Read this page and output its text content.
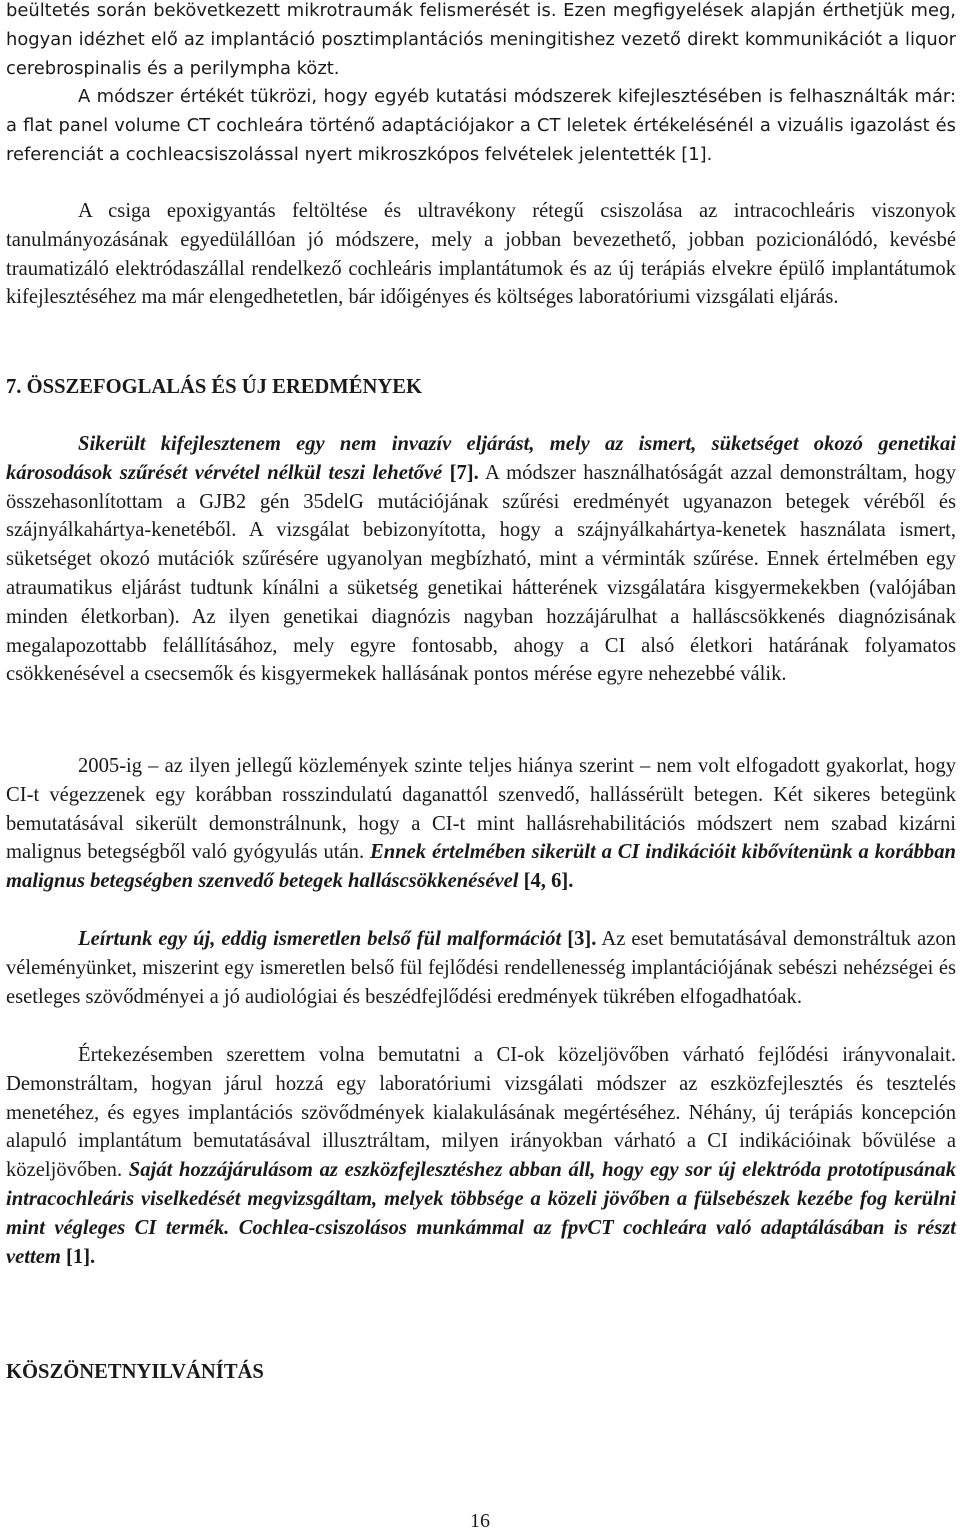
beültetés során bekövetkezett mikrotraumák felismerését is. Ezen megfigyelések alapján érthetjük meg, hogyan idézhet elő az implantáció posztimplantációs meningitishez vezető direkt kommunikációt a liquor cerebrospinalis és a perilympha közt.

A módszer értékét tükrözi, hogy egyéb kutatási módszerek kifejlesztésében is felhasználták már: a flat panel volume CT cochleára történő adaptációjakor a CT leletek értékelésénél a vizuális igazolást és referenciát a cochleacsiszolással nyert mikroszkópos felvételek jelentették [1].

A csiga epoxigyantás feltöltése és ultravékony rétegű csiszolása az intracochleáris viszonyok tanulmányozásának egyedülállóan jó módszere, mely a jobban bevezethető, jobban pozicionálódó, kevésbé traumatizáló elektródaszállal rendelkező cochleáris implantátumok és az új terápiás elvekre épülő implantátumok kifejlesztéséhez ma már elengedhetetlen, bár időigényes és költséges laboratóriumi vizsgálati eljárás.

7. ÖSSZEFOGLALÁS ÉS ÚJ EREDMÉNYEK

Sikerült kifejlesztenem egy nem invazív eljárást, mely az ismert, süketséget okozó genetikai károsodások szűrését vérvétel nélkül teszi lehetővé [7]. A módszer használhatóságát azzal demonstráltam, hogy összehasonlítottam a GJB2 gén 35delG mutációjának szűrési eredményét ugyanazon betegek véréből és szájnyálkahártya-kenetéből. A vizsgálat bebizonyította, hogy a szájnyálkahártya-kenetek használata ismert, süketséget okozó mutációk szűrésére ugyanolyan megbízható, mint a vérminták szűrése. Ennek értelmében egy atraumatikus eljárást tudtunk kínálni a süketség genetikai hátterének vizsgálatára kisgyermekekben (valójában minden életkorban). Az ilyen genetikai diagnózis nagyban hozzájárulhat a halláscsökkenés diagnózisának megalapozottabb felállításához, mely egyre fontosabb, ahogy a CI alsó életkori határának folyamatos csökkenésével a csecsemők és kisgyermekek hallásának pontos mérése egyre nehezebbé válik.

2005-ig – az ilyen jellegű közlemények szinte teljes hiánya szerint – nem volt elfogadott gyakorlat, hogy CI-t végezzenek egy korábban rosszindulatú daganattól szenvedő, hallássérült betegen. Két sikeres betegünk bemutatásával sikerült demonstrálnunk, hogy a CI-t mint hallásrehabilitációs módszert nem szabad kizárni malignus betegségből való gyógyulás után. Ennek értelmében sikerült a CI indikációit kibővítenünk a korábban malignus betegségben szenvedő betegek halláscsökkenésével [4, 6].

Leírtunk egy új, eddig ismeretlen belső fül malformációt [3]. Az eset bemutatásával demonstráltuk azon véleményünket, miszerint egy ismeretlen belső fül fejlődési rendellenesség implantációjának sebészi nehézségei és esetleges szövődményei a jó audiológiai és beszédfejlődési eredmények tükrében elfogadhatóak.

Értekezésemben szerettem volna bemutatni a CI-ok közeljövőben várható fejlődési irányvonalait. Demonstráltam, hogyan járul hozzá egy laboratóriumi vizsgálati módszer az eszközfejlesztés és tesztelés menetéhez, és egyes implantációs szövődmények kialakulásának megértéséhez. Néhány, új terápiás koncepción alapuló implantátum bemutatásával illusztráltam, milyen irányokban várható a CI indikációinak bővülése a közeljövőben. Saját hozzájárulásom az eszközfejlesztéshez abban áll, hogy egy sor új elektróda prototípusának intracochleáris viselkedését megvizsgáltam, melyek többsége a közeli jövőben a fülsebészek kezébe fog kerülni mint végleges CI termék. Cochlea-csiszolásos munkámmal az fpvCT cochleára való adaptálásában is részt vettem [1].

KÖSZÖNETNYILVÁNÍTÁS
16
